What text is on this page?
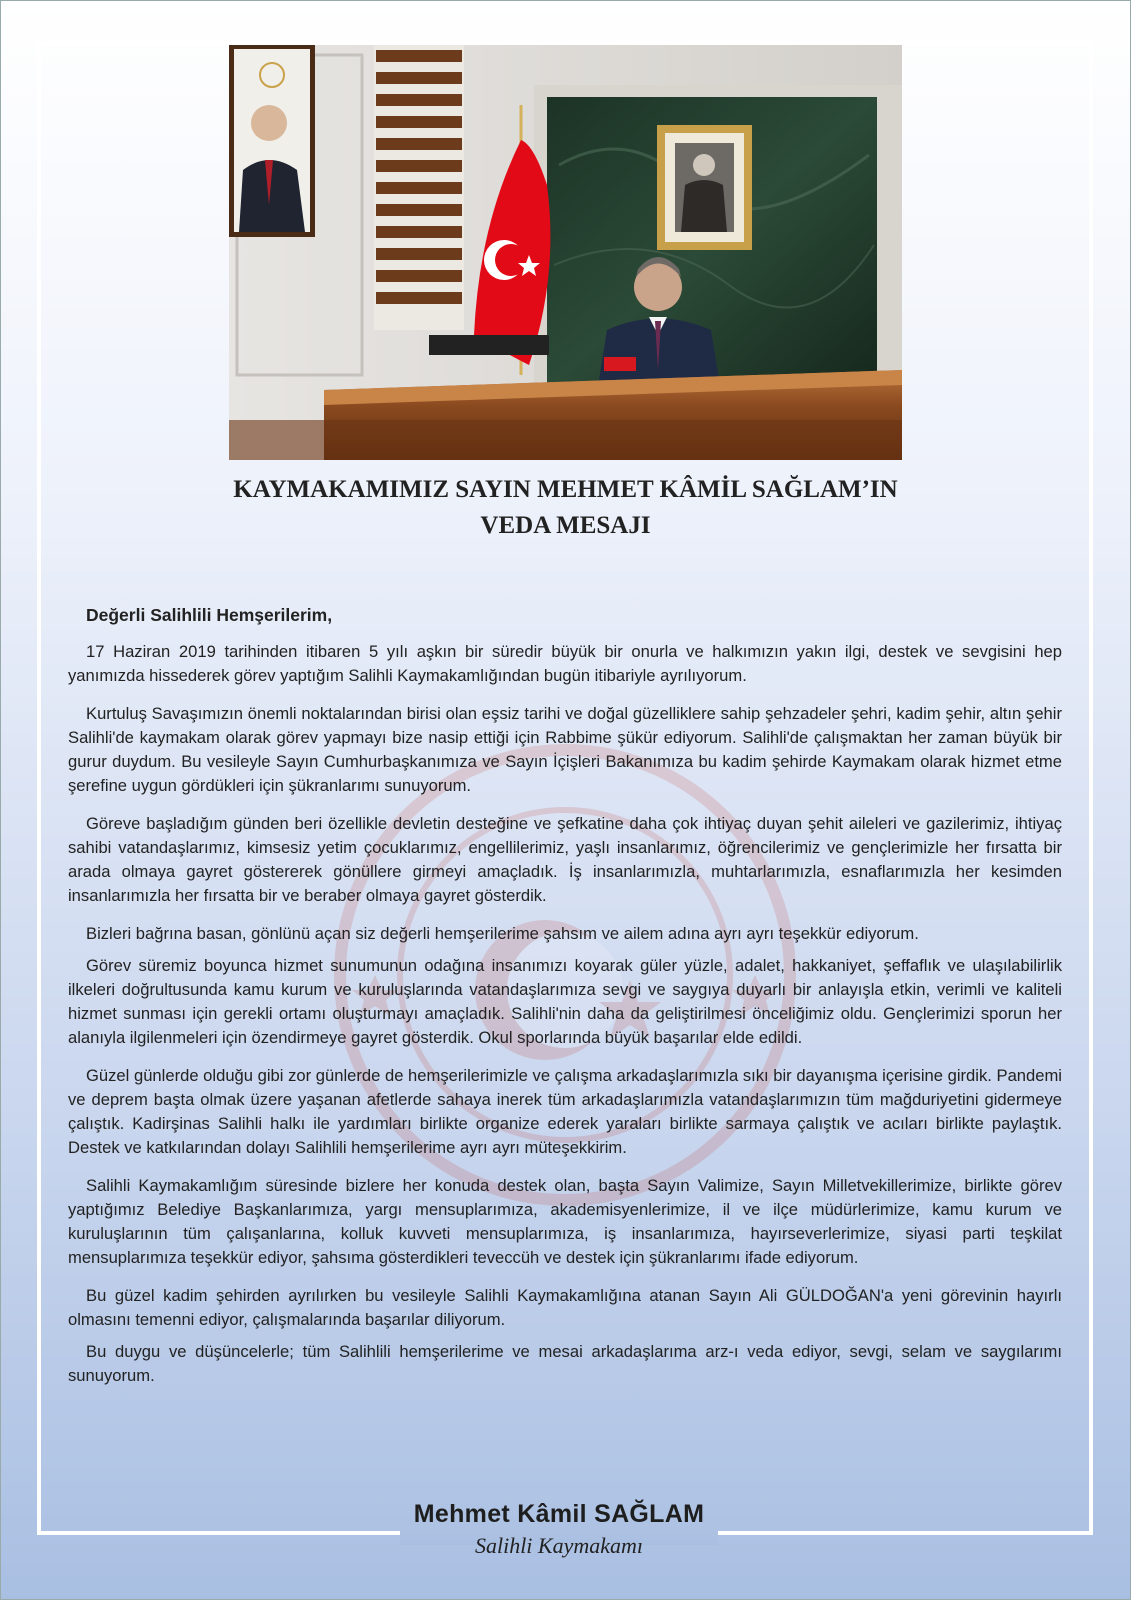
KAYMAKAMIMIZ SAYIN MEHMET KÂMİL SAĞLAM’IN
VEDA MESAJI
Değerli Salihlili Hemşerilerim,

17 Haziran 2019 tarihinden itibaren 5 yılı aşkın bir süredir büyük bir onurla ve halkımızın yakın ilgi, destek ve sevgisini hep yanımızda hissederek görev yaptığım Salihli Kaymakamlığından bugün itibariyle ayrılıyorum.

Kurtuluş Savaşımızın önemli noktalarından birisi olan eşsiz tarihi ve doğal güzelliklere sahip şehzadeler şehri, kadim şehir, altın şehir Salihli'de kaymakam olarak görev yapmayı bize nasip ettiği için Rabbime şükür ediyorum. Salihli'de çalışmaktan her zaman büyük bir gurur duydum. Bu vesileyle Sayın Cumhurbaşkanımıza ve Sayın İçişleri Bakanımıza bu kadim şehirde Kaymakam olarak hizmet etme şerefine uygun gördükleri için şükranlarımı sunuyorum.

Göreve başladığım günden beri özellikle devletin desteğine ve şefkatine daha çok ihtiyaç duyan şehit aileleri ve gazilerimiz, ihtiyaç sahibi vatandaşlarımız, kimsesiz yetim çocuklarımız, engellilerimiz, yaşlı insanlarımız, öğrencilerimiz ve gençlerimizle her fırsatta bir arada olmaya gayret göstererek gönüllere girmeyi amaçladık. İş insanlarımızla, muhtarlarımızla, esnaflarımızla her kesimden insanlarımızla her fırsatta bir ve beraber olmaya gayret gösterdik.

Bizleri bağrına basan, gönlünü açan siz değerli hemşerilerime şahsım ve ailem adına ayrı ayrı teşekkür ediyorum.

Görev süremiz boyunca hizmet sunumunun odağına insanımızı koyarak güler yüzle, adalet, hakkaniyet, şeffaflık ve ulaşılabilirlik ilkeleri doğrultusunda kamu kurum ve kuruluşlarında vatandaşlarımıza sevgi ve saygıya duyarlı bir anlayışla etkin, verimli ve kaliteli hizmet sunması için gerekli ortamı oluşturmayı amaçladık. Salihli'nin daha da geliştirilmesi önceliğimiz oldu. Gençlerimizi sporun her alanıyla ilgilenmeleri için özendirmeye gayret gösterdik. Okul sporlarında büyük başarılar elde edildi.

Güzel günlerde olduğu gibi zor günlerde de hemşerilerimizle ve çalışma arkadaşlarımızla sıkı bir dayanışma içerisine girdik. Pandemi ve deprem başta olmak üzere yaşanan afetlerde sahaya inerek tüm arkadaşlarımızla vatandaşlarımızın tüm mağduriyetini gidermeye çalıştık. Kadirşinas Salihli halkı ile yardımları birlikte organize ederek yaraları birlikte sarmaya çalıştık ve acıları birlikte paylaştık. Destek ve katkılarından dolayı Salihlili hemşerilerime ayrı ayrı müteşekkirim.

Salihli Kaymakamlığım süresinde bizlere her konuda destek olan, başta Sayın Valimize, Sayın Milletvekillerimize, birlikte görev yaptığımız Belediye Başkanlarımıza, yargı mensuplarımıza, akademisyenlerimize, il ve ilçe müdürlerimize, kamu kurum ve kuruluşlarının tüm çalışanlarına, kolluk kuvveti mensuplarımıza, iş insanlarımıza, hayırseverlerimize, siyasi parti teşkilat mensuplarımıza teşekkür ediyor, şahsıma gösterdikleri teveccüh ve destek için şükranlarımı ifade ediyorum.

Bu güzel kadim şehirden ayrılırken bu vesileyle Salihli Kaymakamlığına atanan Sayın Ali GÜLDOĞAN'a yeni görevinin hayırlı olmasını temenni ediyor, çalışmalarında başarılar diliyorum.

Bu duygu ve düşüncelerle; tüm Salihlili hemşerilerime ve mesai arkadaşlarıma arz-ı veda ediyor, sevgi, selam ve saygılarımı sunuyorum.

Mehmet Kâmil SAĞLAM
Salihli Kaymakamı
